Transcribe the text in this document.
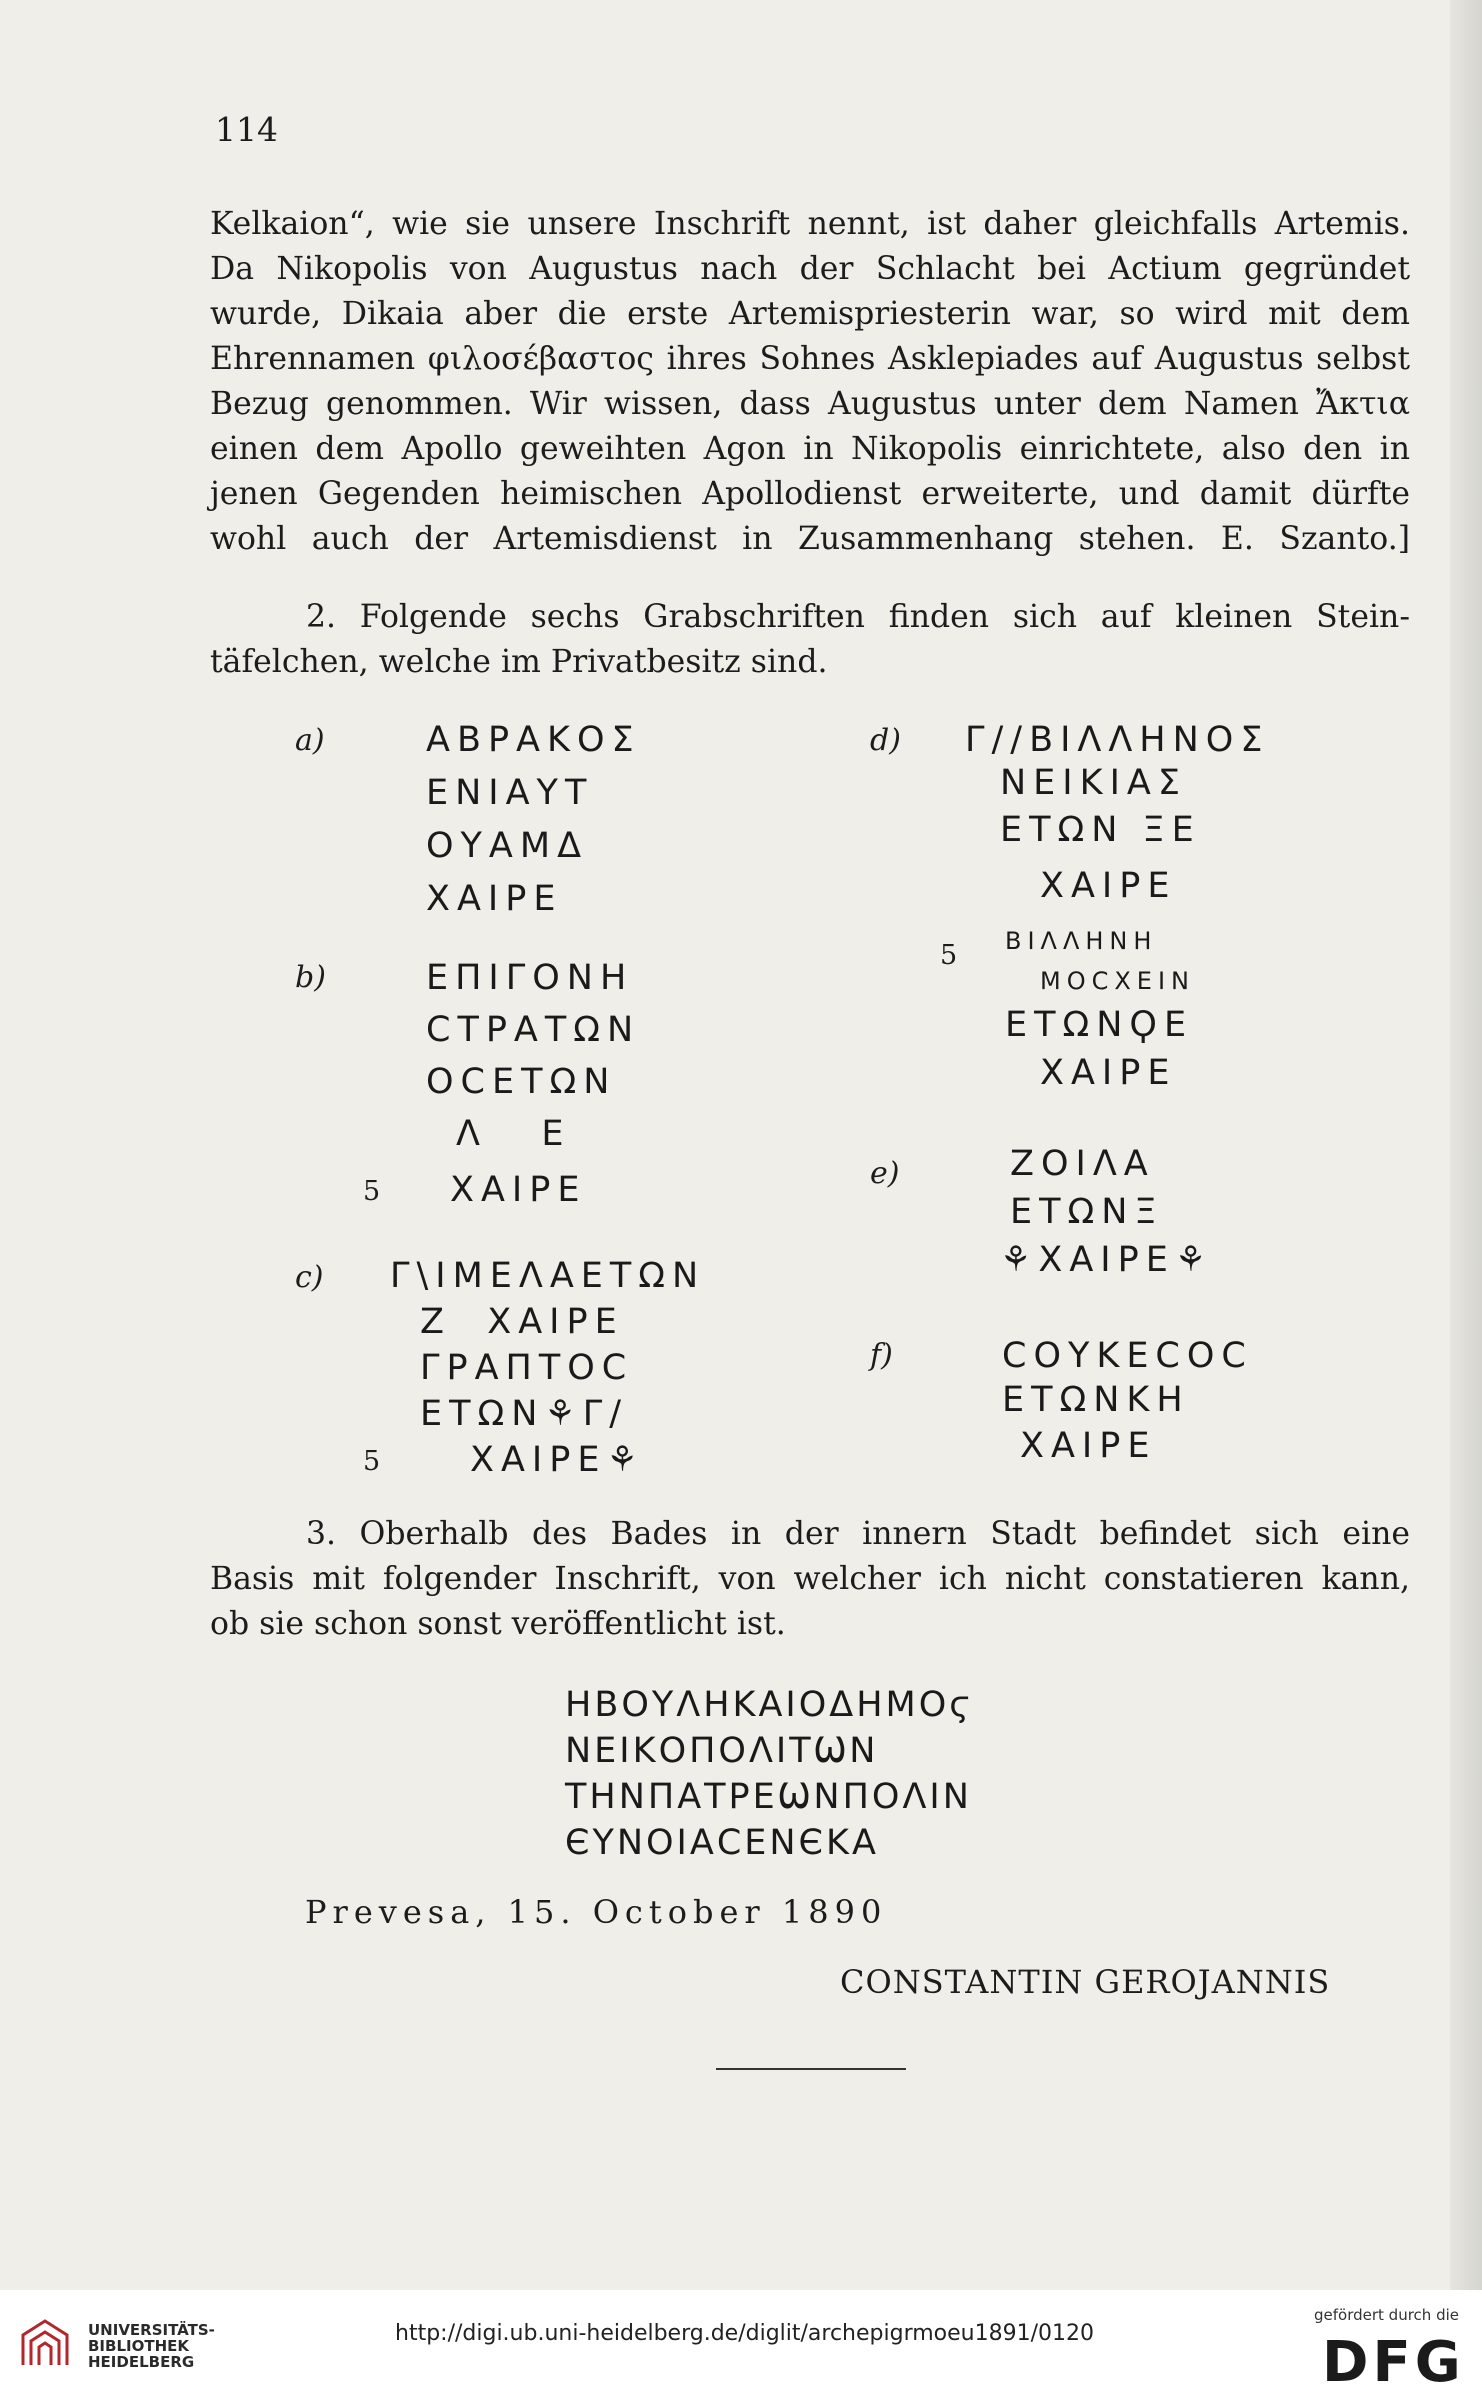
114
Kelkaion“, wie sie unsere Inschrift nennt, ist daher gleichfalls Artemis.
Da Nikopolis von Augustus nach der Schlacht bei Actium gegründet
wurde, Dikaia aber die erste Artemispriesterin war, so wird mit dem
Ehrennamen φιλοσέβαστος ihres Sohnes Asklepiades auf Augustus selbst
Bezug genommen. Wir wissen, dass Augustus unter dem Namen Ἄκτια
einen dem Apollo geweihten Agon in Nikopolis einrichtete, also den in
jenen Gegenden heimischen Apollodienst erweiterte, und damit dürfte
wohl auch der Artemisdienst in Zusammenhang stehen. E. Szanto.]
2. Folgende sechs Grabschriften finden sich auf kleinen Stein-
täfelchen, welche im Privatbesitz sind.
a)	ΑΒΡΑΚΟΣ
ΕΝΙΑΥΤ
ΟΥΑΜΔ
ΧΑΙΡΕ
b)	ΕΠΙΓΟΝΗ
ϹΤΡΑΤΩΝ
ΟϹΕΤΩΝ
Λ   Ε
5 ΧΑΙΡΕ
c) Γ\ΙΜΕΛΑΕΤΩΝ
Ζ  ΧΑΙΡΕ
ΓΡΑΠΤΟϹ
ΕΤΩΝ⚘Γ/
5	ΧΑΙΡΕ⚘
d) Γ//ΒΙΛΛΗΝΟΣ
ΝΕΙΚΙΑΣ
ΕΤΩΝ ΞΕ
ΧΑΙΡΕ
5 ΒΙΛΛΗΝΗ
ΜΟϹΧΕΙΝ
ΕΤΩΝϘΕ
ΧΑΙΡΕ
e)	ΖΟΙΛΑ
ΕΤΩΝΞ
⚘ΧΑΙΡΕ⚘
f)	ϹΟΥΚΕϹΟϹ
ΕΤΩΝΚΗ
ΧΑΙΡΕ
3. Oberhalb des Bades in der innern Stadt befindet sich eine
Basis mit folgender Inschrift, von welcher ich nicht constatieren kann,
ob sie schon sonst veröffentlicht ist.
ΗΒΟΥΛΗΚΑΙΟΔΗΜΟϛ
ΝΕΙΚΟΠΟΛΙΤѠΝ
ΤΗΝΠΑΤΡΕѠΝΠΟΛΙΝ
ЄΥΝΟΙΑϹΕΝЄΚΑ
Prevesa, 15. October 1890
CONSTANTIN GEROJANNIS
UNIVERSITÄTS-
BIBLIOTHEK
HEIDELBERG
http://digi.ub.uni-heidelberg.de/diglit/archepigrmoeu1891/0120
gefördert durch die
DFG
